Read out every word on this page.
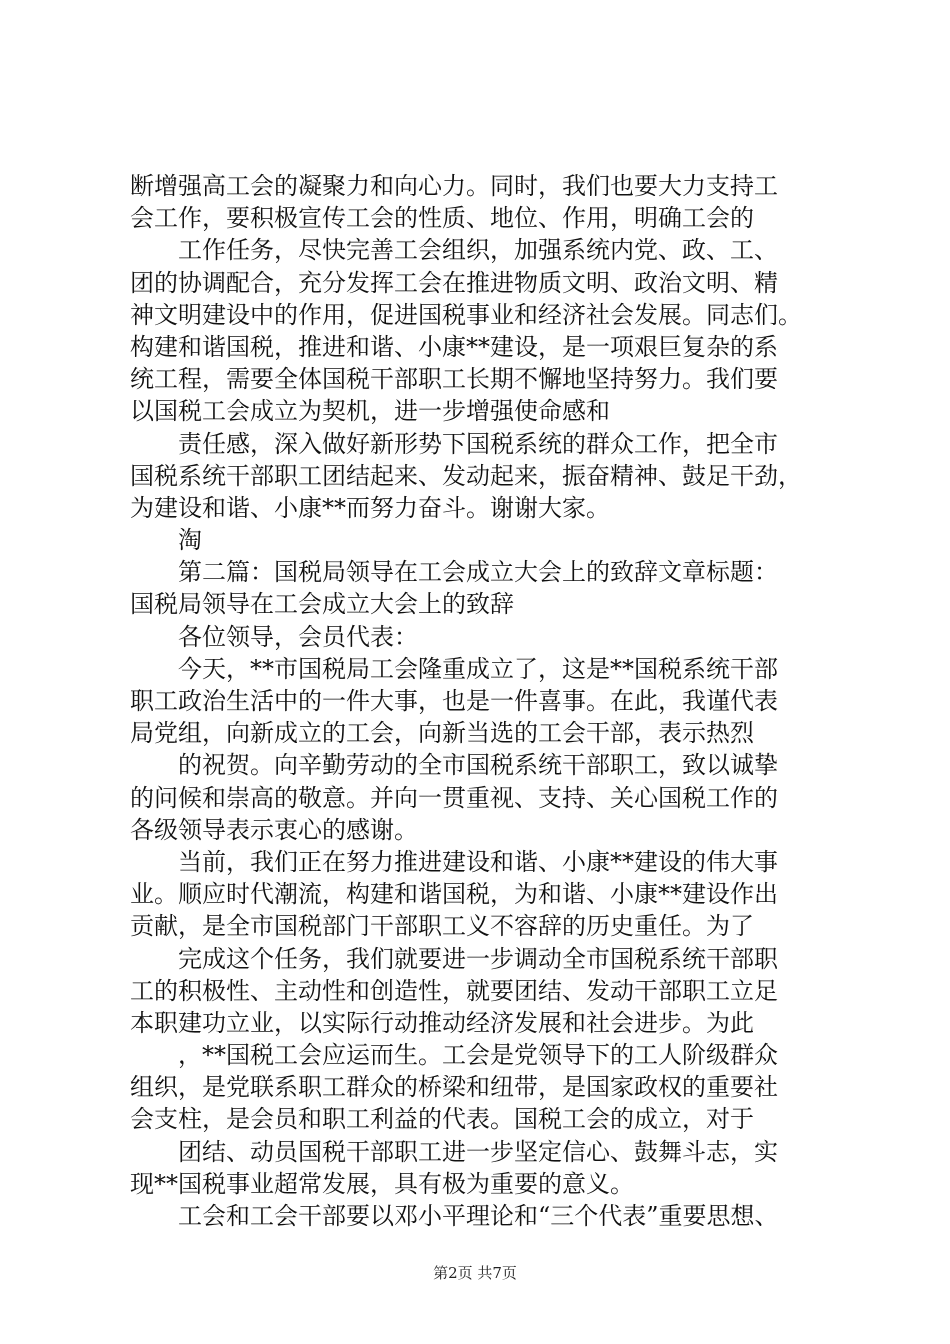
断增强高工会的凝聚力和向心力。同时，我们也要大力支持工
会工作，要积极宣传工会的性质、地位、作用，明确工会的
工作任务，尽快完善工会组织，加强系统内党、政、工、
团的协调配合，充分发挥工会在推进物质文明、政治文明、精
神文明建设中的作用，促进国税事业和经济社会发展。同志们。
构建和谐国税，推进和谐、小康**建设，是一项艰巨复杂的系
统工程，需要全体国税干部职工长期不懈地坚持努力。我们要
以国税工会成立为契机，进一步增强使命感和
责任感，深入做好新形势下国税系统的群众工作，把全市
国税系统干部职工团结起来、发动起来，振奋精神、鼓足干劲，
为建设和谐、小康**而努力奋斗。谢谢大家。
淘
第二篇：国税局领导在工会成立大会上的致辞文章标题：
国税局领导在工会成立大会上的致辞
各位领导，会员代表：
今天，**市国税局工会隆重成立了，这是**国税系统干部
职工政治生活中的一件大事，也是一件喜事。在此，我谨代表
局党组，向新成立的工会，向新当选的工会干部，表示热烈
的祝贺。向辛勤劳动的全市国税系统干部职工，致以诚挚
的问候和崇高的敬意。并向一贯重视、支持、关心国税工作的
各级领导表示衷心的感谢。
当前，我们正在努力推进建设和谐、小康**建设的伟大事
业。顺应时代潮流，构建和谐国税，为和谐、小康**建设作出
贡献，是全市国税部门干部职工义不容辞的历史重任。为了
完成这个任务，我们就要进一步调动全市国税系统干部职
工的积极性、主动性和创造性，就要团结、发动干部职工立足
本职建功立业，以实际行动推动经济发展和社会进步。为此
，**国税工会应运而生。工会是党领导下的工人阶级群众
组织，是党联系职工群众的桥梁和纽带，是国家政权的重要社
会支柱，是会员和职工利益的代表。国税工会的成立，对于
团结、动员国税干部职工进一步坚定信心、鼓舞斗志，实
现**国税事业超常发展，具有极为重要的意义。
工会和工会干部要以邓小平理论和“三个代表”重要思想、
第2页 共7页
